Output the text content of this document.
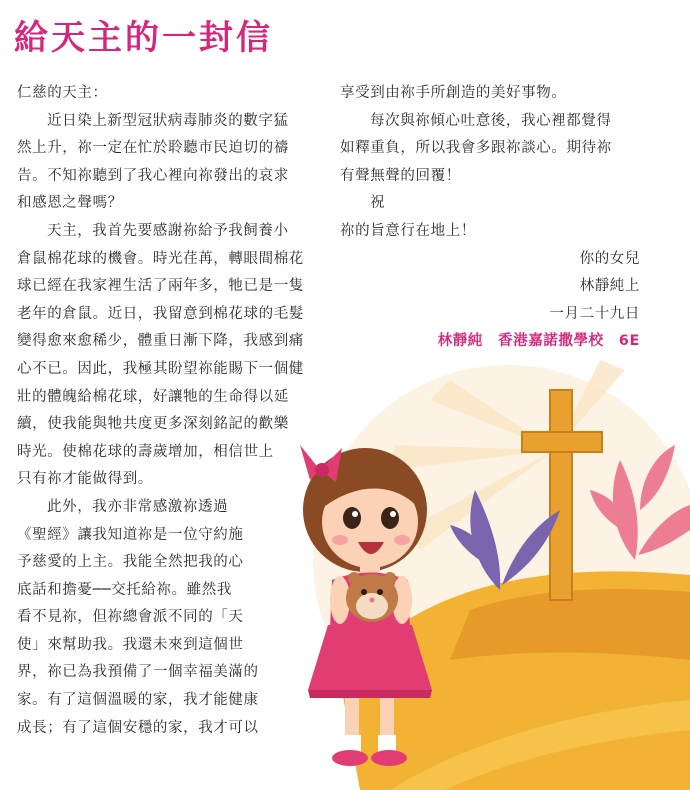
給天主的一封信
仁慈的天主：
近日染上新型冠狀病毒肺炎的數字猛
然上升，祢一定在忙於聆聽市民迫切的禱
告。不知祢聽到了我心裡向祢發出的哀求
和感恩之聲嗎？
天主，我首先要感謝祢給予我飼養小
倉鼠棉花球的機會。時光荏苒，轉眼間棉花
球已經在我家裡生活了兩年多，牠已是一隻
老年的倉鼠。近日，我留意到棉花球的毛髮
變得愈來愈稀少，體重日漸下降，我感到痛
心不已。因此，我極其盼望祢能賜下一個健
壯的體魄給棉花球，好讓牠的生命得以延
續，使我能與牠共度更多深刻銘記的歡樂
時光。使棉花球的壽歲增加，相信世上
只有祢才能做得到。
此外，我亦非常感激祢透過
《聖經》讓我知道祢是一位守約施
予慈愛的上主。我能全然把我的心
底話和擔憂──交托給祢。雖然我
看不見祢，但祢總會派不同的「天
使」來幫助我。我還未來到這個世
界，祢已為我預備了一個幸福美滿的
家。有了這個溫暖的家，我才能健康
成長；有了這個安穩的家，我才可以
享受到由祢手所創造的美好事物。
每次與祢傾心吐意後，我心裡都覺得
如釋重負，所以我會多跟祢談心。期待祢
有聲無聲的回覆！
祝
祢的旨意行在地上！
你的女兒
林靜純上
一月二十九日
林靜純　香港嘉諾撒學校　6E
